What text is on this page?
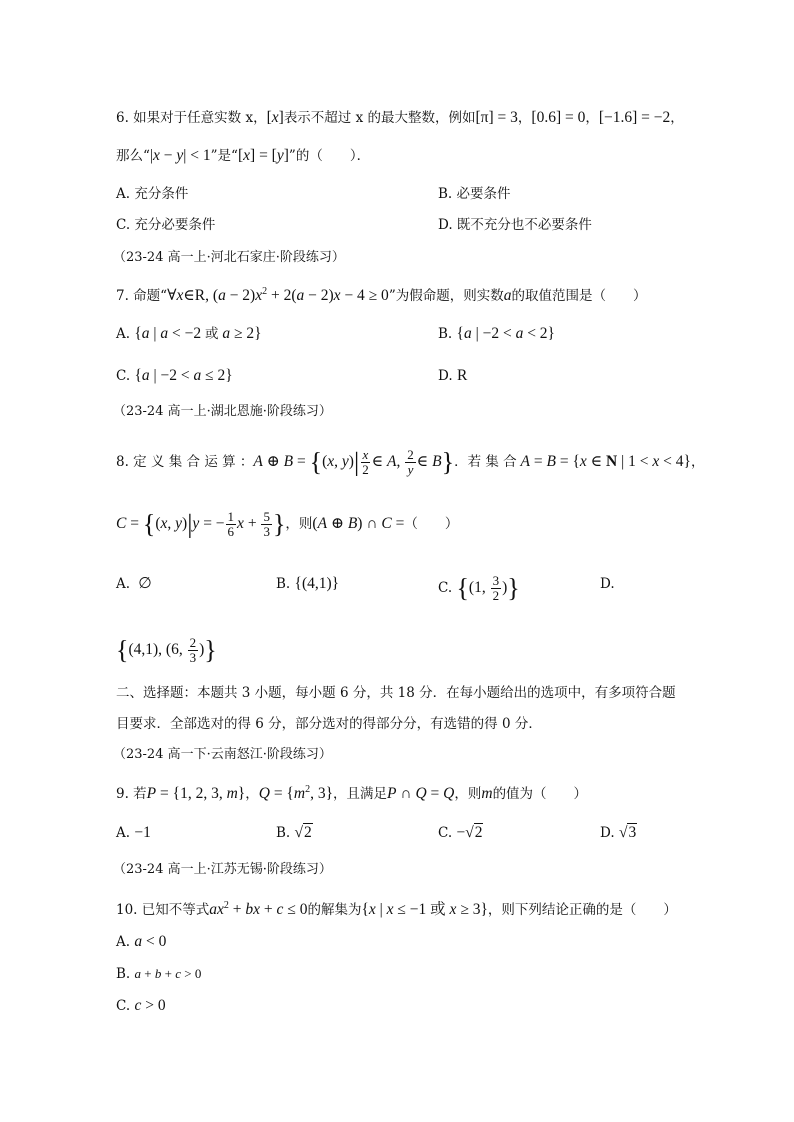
6. 如果对于任意实数 x，[x]表示不超过 x 的最大整数，例如[π] = 3，[0.6] = 0，[−1.6] = −2，
那么“|x − y| < 1”是“[x] = [y]”的（　　）．
A. 充分条件	B. 必要条件
C. 充分必要条件	D. 既不充分也不必要条件
（23-24 高一上·河北石家庄·阶段练习）
7. 命题“∀x∈R, $(a - 2)x^2 + 2(a - 2)x - 4 \ge 0$”为假命题，则实数a的取值范围是（　　）
A. {a | a < −2 或 a ≥ 2}	B. {a | −2 < a < 2}
C. {a | −2 < a ≤ 2}	D. R
（23-24 高一上·湖北恩施·阶段练习）
8. 定 义 集 合 运 算 ：A ⊕ B = {(x, $y)| \frac{x}{2}$ ∈ A, $\frac{2}{y}$ ∈ B}．若 集 合 A = B = {x ∈ N | 1 < x < 4}，
C = {(x, y)|y = − $\frac{1}{6}$ $x + \frac{5}{3}$ }，则(A ⊕ B) ∩ C =（　　）
A.  ∅	B. {(4,1)}	C. {(1, $\frac{3}{2}$ )}	D.
{(4,1), (6, $\frac{2}{3}$ )}
二、选择题：本题共 3 小题，每小题 6 分，共 18 分．在每小题给出的选项中，有多项符合题
目要求．全部选对的得 6 分，部分选对的得部分分，有选错的得 0 分．
（23-24 高一下·云南怒江·阶段练习）
9. 若P = {1, 2, 3, m}，$Q = \{m^2$, 3}，且满足P ∩ Q = Q，则m的值为（　　）
A. −1	B. √2	C. −√2	D. √3
（23-24 高一上·江苏无锡·阶段练习）
10. 已知不等式$ax^2$ + bx + c ≤ 0的解集为{x | x ≤ −1 或 x ≥ 3}，则下列结论正确的是（　　）
A. a < 0
B. a + b + c > 0
C. c > 0
